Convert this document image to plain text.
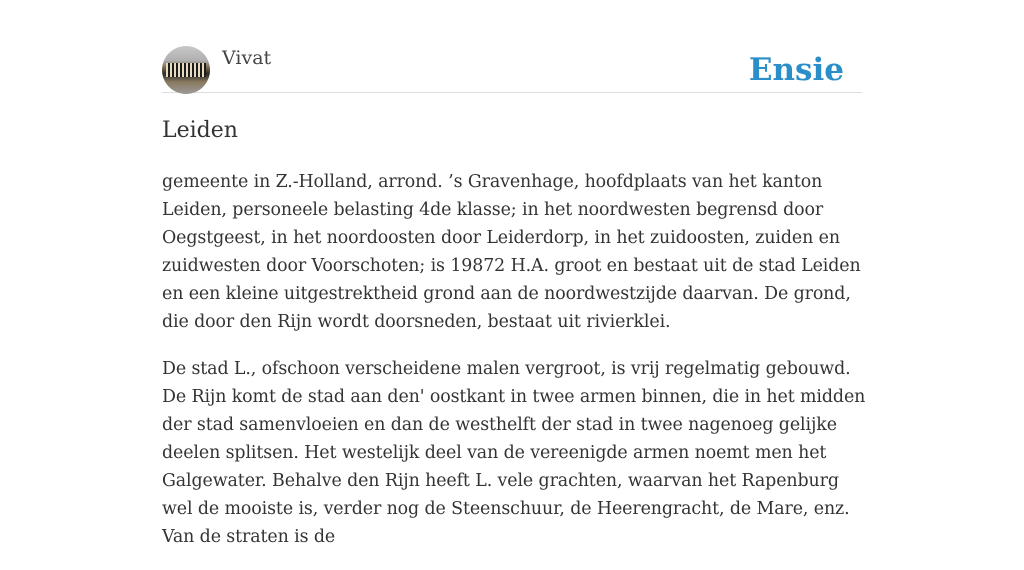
Vivat	Ensie
Leiden

gemeente in Z.-Holland, arrond. ’s Gravenhage, hoofdplaats van het kanton Leiden, personeele belasting 4de klasse; in het noordwesten begrensd door Oegstgeest, in het noordoosten door Leiderdorp, in het zuidoosten, zuiden en zuidwesten door Voorschoten; is 19872 H.A. groot en bestaat uit de stad Leiden en een kleine uitgestrektheid grond aan de noordwestzijde daarvan. De grond, die door den Rijn wordt doorsneden, bestaat uit rivierklei.

De stad L., ofschoon verscheidene malen vergroot, is vrij regelmatig gebouwd. De Rijn komt de stad aan den' oostkant in twee armen binnen, die in het midden der stad samenvloeien en dan de westhelft der stad in twee nagenoeg gelijke deelen splitsen. Het westelijk deel van de vereenigde armen noemt men het Galgewater. Behalve den Rijn heeft L. vele grachten, waarvan het Rapenburg wel de mooiste is, verder nog de Steenschuur, de Heerengracht, de Mare, enz. Van de straten is de
